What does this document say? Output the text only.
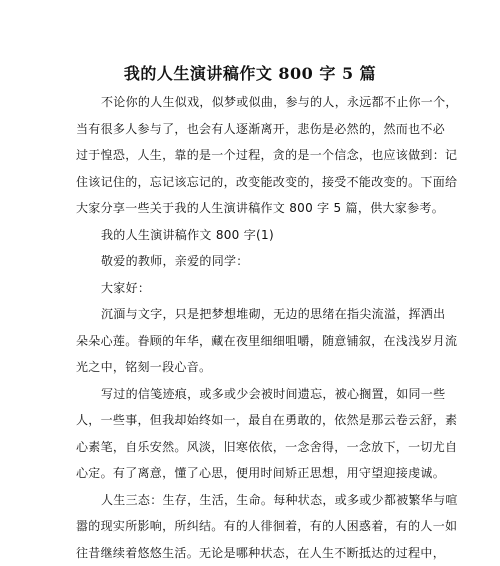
我的人生演讲稿作文 800 字 5 篇
不论你的人生似戏，似梦或似曲，参与的人，永远都不止你一个，
当有很多人参与了，也会有人逐渐离开，悲伤是必然的，然而也不必
过于惶恐，人生，靠的是一个过程，贪的是一个信念，也应该做到：记
住该记住的，忘记该忘记的，改变能改变的，接受不能改变的。下面给
大家分享一些关于我的人生演讲稿作文 800 字 5 篇，供大家参考。
我的人生演讲稿作文 800 字(1)
敬爱的教师，亲爱的同学：
大家好：
沉湎与文字，只是把梦想堆砌，无边的思绪在指尖流溢，挥洒出
朵朵心莲。眷顾的年华，藏在夜里细细咀嚼，随意铺叙，在浅浅岁月流
光之中，铭刻一段心音。
写过的信笺迹痕，或多或少会被时间遗忘，被心搁置，如同一些
人，一些事，但我却始终如一，最自在勇敢的，依然是那云卷云舒，素
心素笔，自乐安然。风淡，旧寒依依，一念舍得，一念放下，一切尤自
心定。有了离意，懂了心思，便用时间矫正思想，用守望迎接虔诚。
人生三态：生存，生活，生命。每种状态，或多或少都被繁华与喧
嚣的现实所影响，所纠结。有的人徘徊着，有的人困惑着，有的人一如
往昔继续着悠悠生活。无论是哪种状态，在人生不断抵达的过程中，
